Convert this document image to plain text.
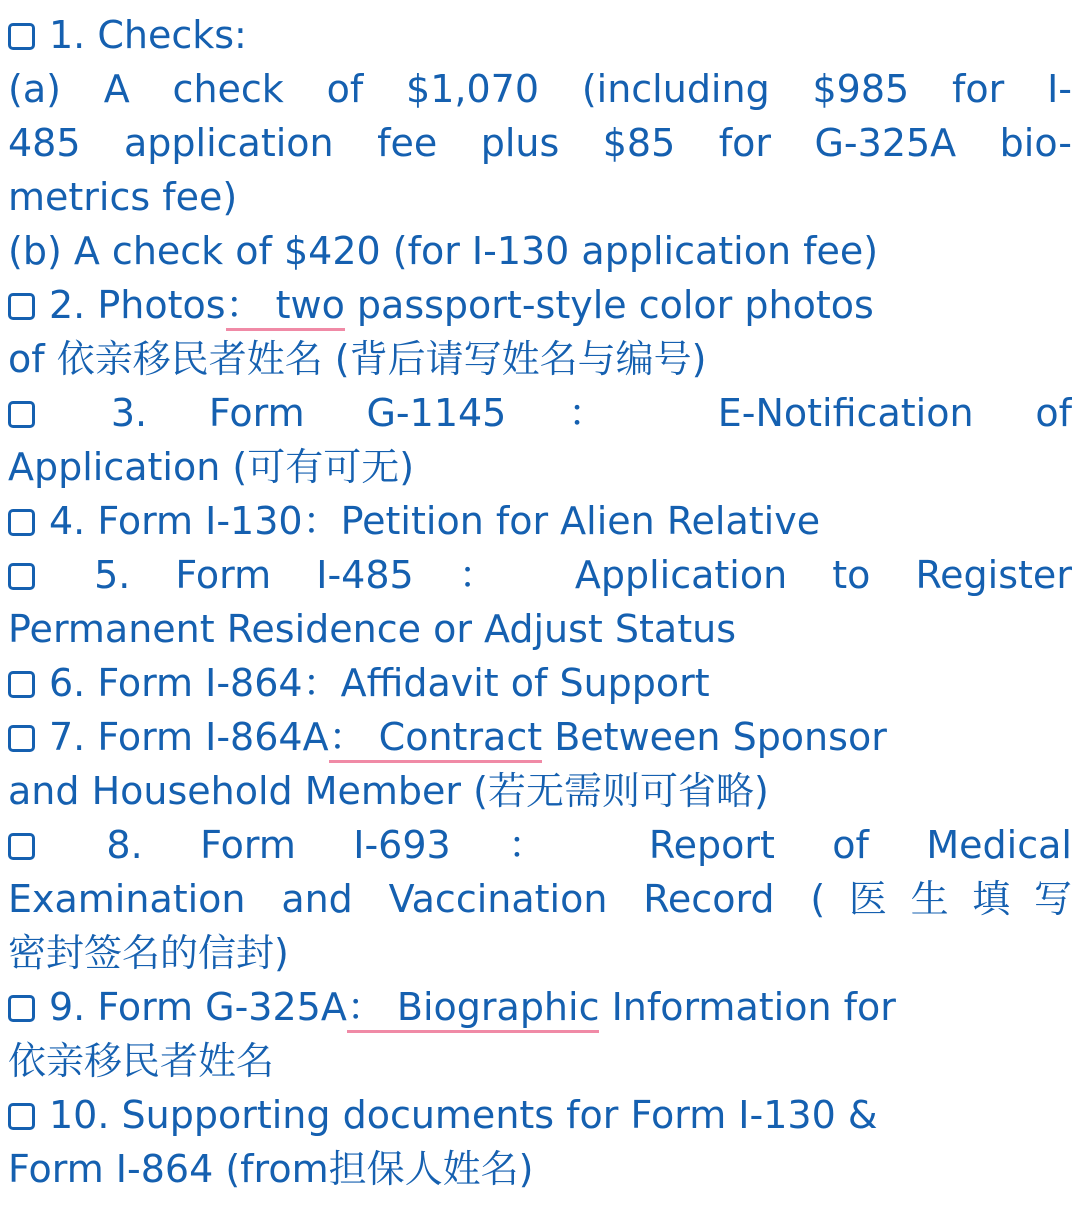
1. Checks:
(a) A check of $1,070 (including $985 for I-
485 application fee plus $85 for G-325A bio-
metrics fee)
(b) A check of $420 (for I-130 application fee)
2. Photos： two passport-style color photos
of 依亲移民者姓名 (背后请写姓名与编号)
3. Form G-1145 ： E-Notification of
Application (可有可无)
4. Form I-130：Petition for Alien Relative
5. Form I-485 ： Application to Register
Permanent Residence or Adjust Status
6. Form I-864：Affidavit of Support
7. Form I-864A： Contract Between Sponsor
and Household Member (若无需则可省略)
8. Form I-693 ： Report of Medical
Examination and Vaccination Record (医生填写
密封签名的信封)
9. Form G-325A： Biographic Information for
依亲移民者姓名
10. Supporting documents for Form I-130 &
Form I-864 (from担保人姓名)
